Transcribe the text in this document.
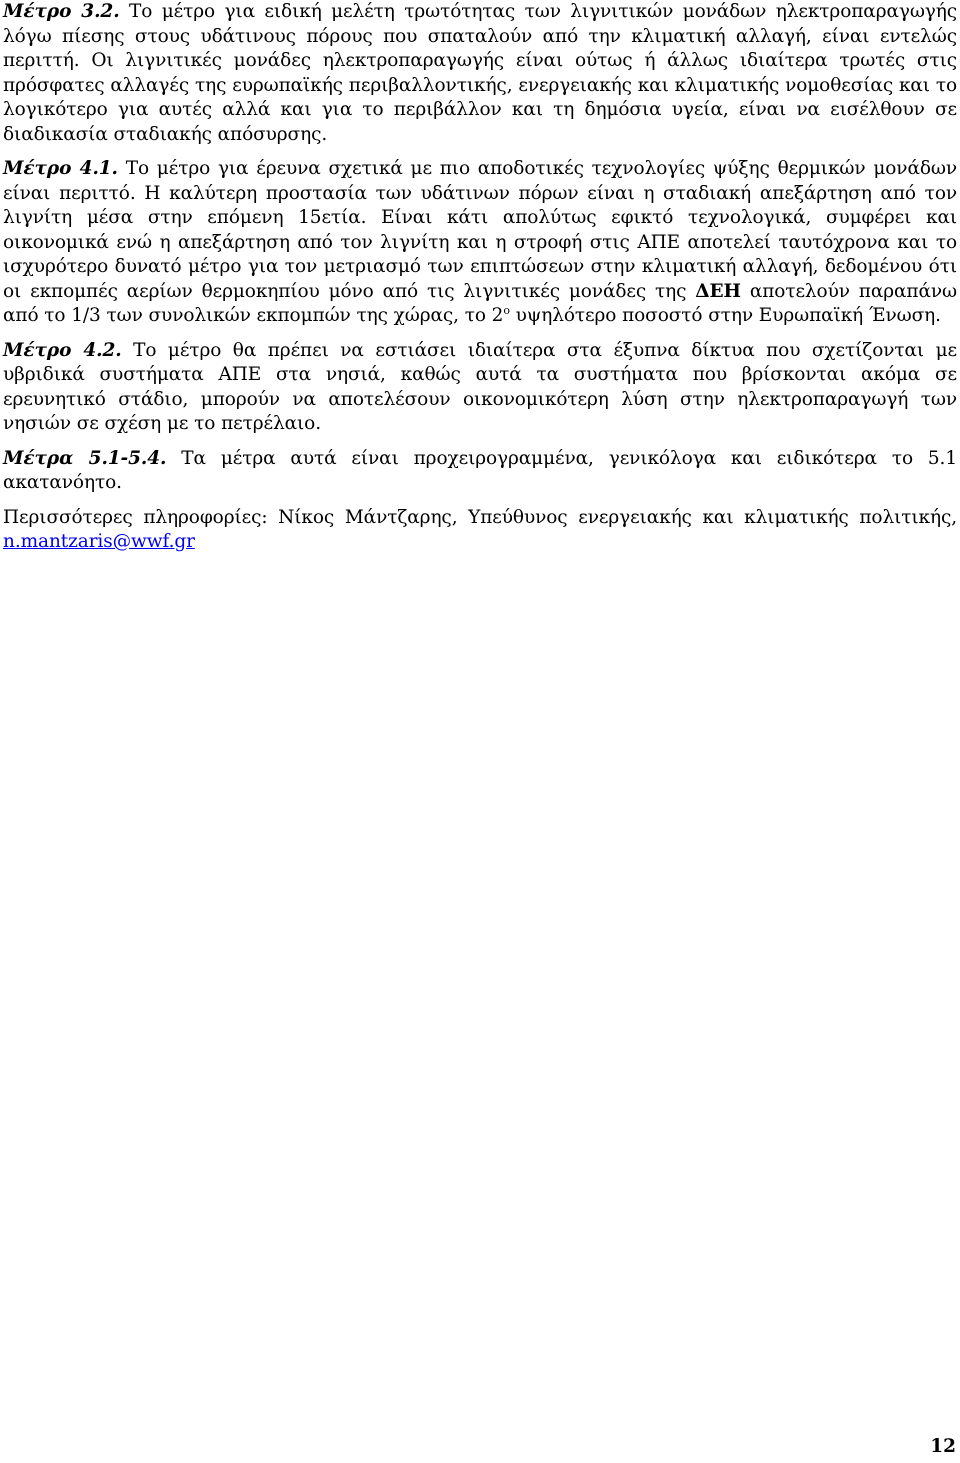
Μέτρο 3.2. Το μέτρο για ειδική μελέτη τρωτότητας των λιγνιτικών μονάδων ηλεκτροπαραγωγής λόγω πίεσης στους υδάτινους πόρους που σπαταλούν από την κλιματική αλλαγή, είναι εντελώς περιττή. Οι λιγνιτικές μονάδες ηλεκτροπαραγωγής είναι ούτως ή άλλως ιδιαίτερα τρωτές στις πρόσφατες αλλαγές της ευρωπαϊκής περιβαλλοντικής, ενεργειακής και κλιματικής νομοθεσίας και το λογικότερο για αυτές αλλά και για το περιβάλλον και τη δημόσια υγεία, είναι να εισέλθουν σε διαδικασία σταδιακής απόσυρσης.

Μέτρο 4.1. Το μέτρο για έρευνα σχετικά με πιο αποδοτικές τεχνολογίες ψύξης θερμικών μονάδων είναι περιττό. Η καλύτερη προστασία των υδάτινων πόρων είναι η σταδιακή απεξάρτηση από τον λιγνίτη μέσα στην επόμενη 15ετία. Είναι κάτι απολύτως εφικτό τεχνολογικά, συμφέρει και οικονομικά ενώ η απεξάρτηση από τον λιγνίτη και η στροφή στις ΑΠΕ αποτελεί ταυτόχρονα και το ισχυρότερο δυνατό μέτρο για τον μετριασμό των επιπτώσεων στην κλιματική αλλαγή, δεδομένου ότι οι εκπομπές αερίων θερμοκηπίου μόνο από τις λιγνιτικές μονάδες της ΔΕΗ αποτελούν παραπάνω από το 1/3 των συνολικών εκπομπών της χώρας, το $2^o$ υψηλότερο ποσοστό στην Ευρωπαϊκή Ένωση.

Μέτρο 4.2. Το μέτρο θα πρέπει να εστιάσει ιδιαίτερα στα έξυπνα δίκτυα που σχετίζονται με υβριδικά συστήματα ΑΠΕ στα νησιά, καθώς αυτά τα συστήματα που βρίσκονται ακόμα σε ερευνητικό στάδιο, μπορούν να αποτελέσουν οικονομικότερη λύση στην ηλεκτροπαραγωγή των νησιών σε σχέση με το πετρέλαιο.

Μέτρα 5.1-5.4. Τα μέτρα αυτά είναι προχειρογραμμένα, γενικόλογα και ειδικότερα το 5.1 ακατανόητο.

Περισσότερες πληροφορίες: Νίκος Μάντζαρης, Υπεύθυνος ενεργειακής και κλιματικής πολιτικής, n.mantzaris@wwf.gr

12
